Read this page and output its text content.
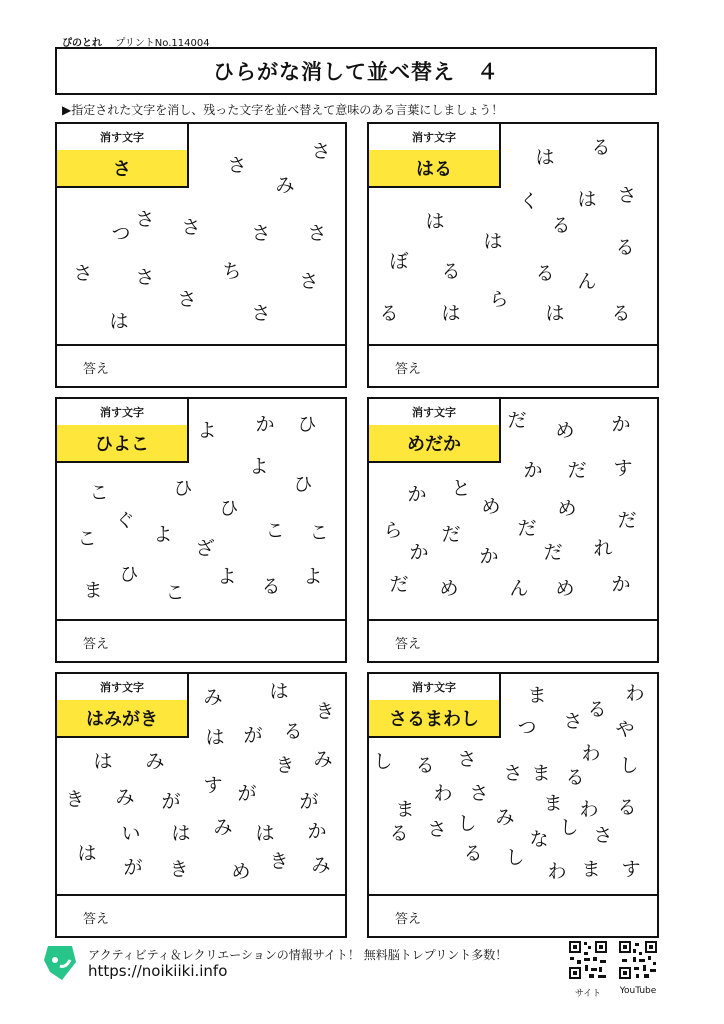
ぴのとれ プリントNo.114004
ひらがな消して並べ替え　４
▶指定された文字を消し、残った文字を並べ替えて意味のある言葉にしましょう！
さ
さ
み
つ	さ	さ さ
さ さ	ち	さ
さ
さ
は
さ
消す文字
さ
答え
る
は
さ
は
く
る
は
は	る
ぼ る	る ん
ら
る は	は る
消す文字
はる
答え
か
よ	ひ
よ
ひ
こ	ひ
ひ
ぐ
こ	こ こ
よ
ざ
ひ	よ
ま
よ
こ	る
消す文字
ひよこ
答え
だ	か
め
す
か だ
か と
め	め
だ
ら だ	だ
か	か だ れ
だ め	ん め か
消す文字
めだか
答え
み は
き
は が る
は み	み
き
き み が
す が が
い は み は か
は
が き め き み
消す文字
はみがき
答え
ま
る
わ
つ さ や
し る
わ
さ
ま	し
さ る
わ さ
ま	る
ま わ
し み し さ
る さ	な
る し
わ ま す
消す文字
さるまわし
答え
アクティビティ＆レクリエーションの情報サイト！ 無料脳トレプリント多数！
https://noikiiki.info
サイト	YouTube
